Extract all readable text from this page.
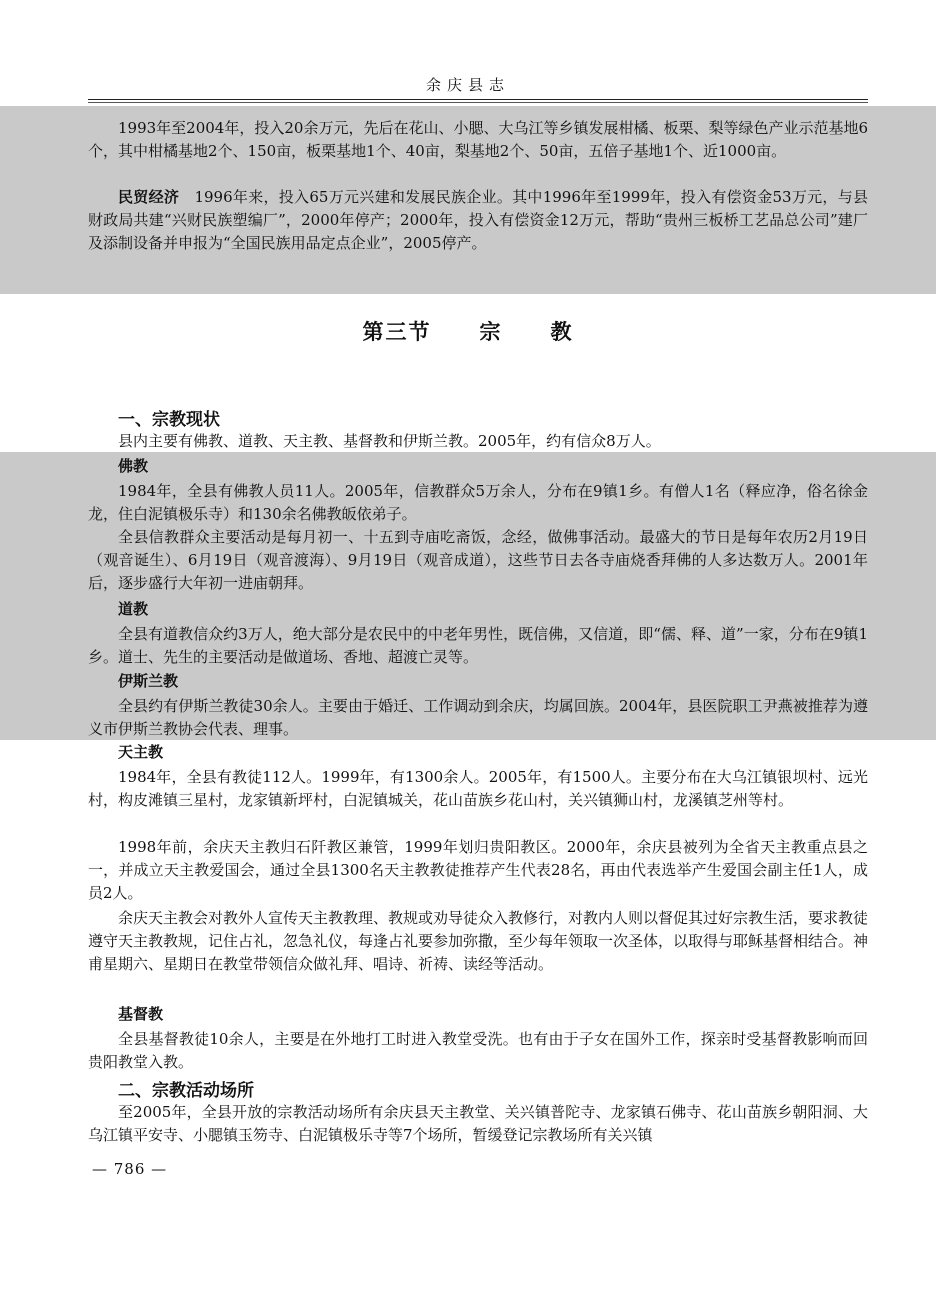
余庆县志

1993年至2004年，投入20余万元，先后在花山、小腮、大乌江等乡镇发展柑橘、板栗、梨等绿色产业示范基地6个，其中柑橘基地2个、150亩，板栗基地1个、40亩，梨基地2个、50亩，五倍子基地1个、近1000亩。

民贸经济　 1996年来，投入65万元兴建和发展民族企业。其中1996年至1999年，投入有偿资金53万元，与县财政局共建“兴财民族塑编厂”，2000年停产；2000年，投入有偿资金12万元，帮助“贵州三板桥工艺品总公司”建厂及添制设备并申报为“全国民族用品定点企业”，2005停产。

第三节 宗 教
一、宗教现状

县内主要有佛教、道教、天主教、基督教和伊斯兰教。2005年，约有信众8万人。

佛教

1984年，全县有佛教人员11人。2005年，信教群众5万余人，分布在9镇1乡。有僧人1名（释应净，俗名徐金龙，住白泥镇极乐寺）和130余名佛教皈依弟子。

全县信教群众主要活动是每月初一、十五到寺庙吃斋饭，念经，做佛事活动。最盛大的节日是每年农历2月19日（观音诞生）、6月19日（观音渡海）、9月19日（观音成道），这些节日去各寺庙烧香拜佛的人多达数万人。2001年后，逐步盛行大年初一进庙朝拜。

道教

全县有道教信众约3万人，绝大部分是农民中的中老年男性，既信佛，又信道，即“儒、释、道”一家，分布在9镇1乡。道士、先生的主要活动是做道场、香地、超渡亡灵等。

伊斯兰教

全县约有伊斯兰教徒30余人。主要由于婚迁、工作调动到余庆，均属回族。2004年，县医院职工尹燕被推荐为遵义市伊斯兰教协会代表、理事。

天主教

1984年，全县有教徒112人。1999年，有1300余人。2005年，有1500人。主要分布在大乌江镇银坝村、远光村，构皮滩镇三星村，龙家镇新坪村，白泥镇城关，花山苗族乡花山村，关兴镇狮山村，龙溪镇芝州等村。

1998年前，余庆天主教归石阡教区兼管，1999年划归贵阳教区。2000年，余庆县被列为全省天主教重点县之一，并成立天主教爱国会，通过全县1300名天主教教徒推荐产生代表28名，再由代表选举产生爱国会副主任1人，成员2人。

余庆天主教会对教外人宣传天主教教理、教规或劝导徒众入教修行，对教内人则以督促其过好宗教生活，要求教徒遵守天主教教规，记住占礼，忽急礼仪，每逢占礼要参加弥撒，至少每年领取一次圣体，以取得与耶稣基督相结合。神甫星期六、星期日在教堂带领信众做礼拜、唱诗、祈祷、读经等活动。

基督教

全县基督教徒10余人，主要是在外地打工时进入教堂受洗。也有由于子女在国外工作，探亲时受基督教影响而回贵阳教堂入教。

二、宗教活动场所

至2005年，全县开放的宗教活动场所有余庆县天主教堂、关兴镇普陀寺、龙家镇石佛寺、花山苗族乡朝阳洞、大乌江镇平安寺、小腮镇玉笏寺、白泥镇极乐寺等7个场所，暂缓登记宗教场所有关兴镇

— 786 —
